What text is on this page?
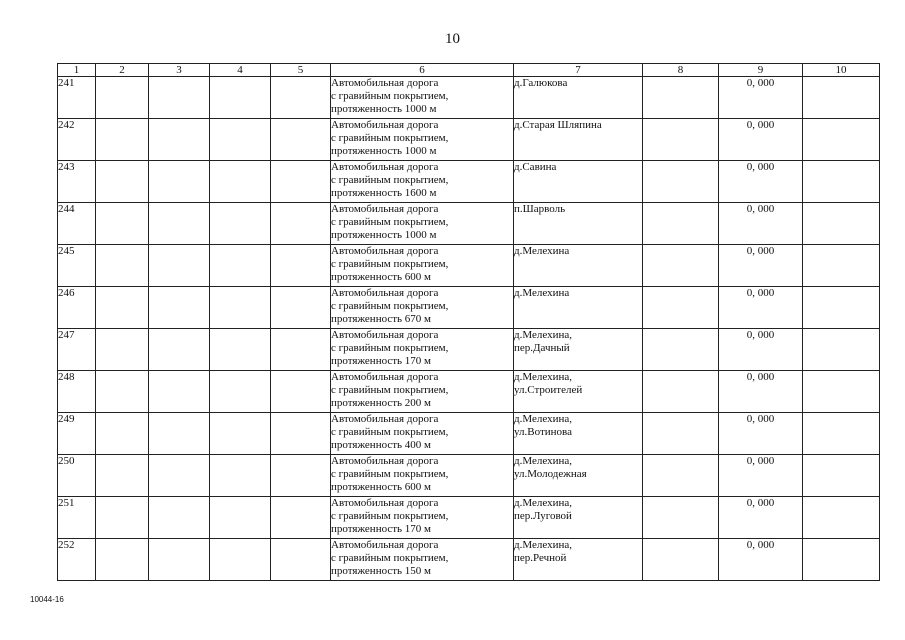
10
1	2	3	4	5	6	7	8	9	10
241					Автомобильная дорога
с гравийным покрытием,
протяженность 1000 м	д.Галюкова		0, 000	
242					Автомобильная дорога
с гравийным покрытием,
протяженность 1000 м	д.Старая Шляпина		0, 000	
243					Автомобильная дорога
с гравийным покрытием,
протяженность 1600 м	д.Савина		0, 000	
244					Автомобильная дорога
с гравийным покрытием,
протяженность 1000 м	п.Шарволь		0, 000	
245					Автомобильная дорога
с гравийным покрытием,
протяженность 600 м	д.Мелехина		0, 000	
246					Автомобильная дорога
с гравийным покрытием,
протяженность 670 м	д.Мелехина		0, 000	
247					Автомобильная дорога
с гравийным покрытием,
протяженность 170 м	д.Мелехина,
пер.Дачный		0, 000	
248					Автомобильная дорога
с гравийным покрытием,
протяженность 200 м	д.Мелехина,
ул.Строителей		0, 000	
249					Автомобильная дорога
с гравийным покрытием,
протяженность 400 м	д.Мелехина,
ул.Вотинова		0, 000	
250					Автомобильная дорога
с гравийным покрытием,
протяженность 600 м	д.Мелехина,
ул.Молодежная		0, 000	
251					Автомобильная дорога
с гравийным покрытием,
протяженность 170 м	д.Мелехина,
пер.Луговой		0, 000	
252					Автомобильная дорога
с гравийным покрытием,
протяженность 150 м	д.Мелехина,
пер.Речной		0, 000	
10044-16
